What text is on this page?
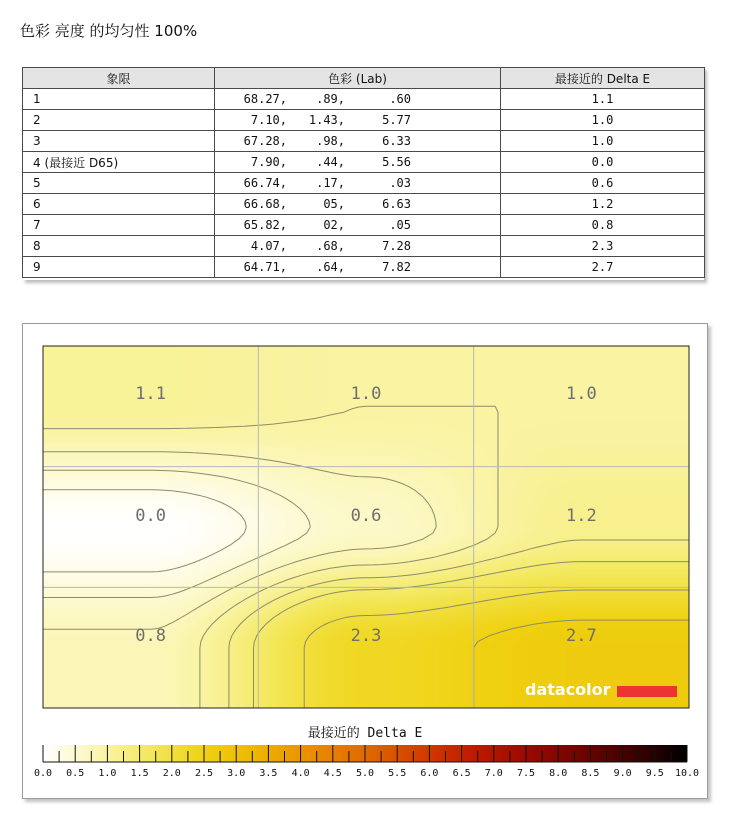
色彩 亮度 的均匀性 100%
象限	色彩 (Lab)	最接近的 Delta E
1	68.27, .89, .60	1.1
2	7.10, 1.43, 5.77	1.0
3	67.28, .98, 6.33	1.0
4 (最接近 D65)	7.90, .44, 5.56	0.0
5	66.74, .17, .03	0.6
6	66.68, 05, 6.63	1.2
7	65.82, 02, .05	0.8
8	4.07, .68, 7.28	2.3
9	64.71, .64, 7.82	2.7
1.1	1.0	1.0
0.0	0.6	1.2
0.8	2.3	2.7
datacolor
0.0 0.5 1.0 1.5 2.0 2.5 3.0 3.5 4.0 4.5 5.0 5.5 6.0 6.5 7.0 7.5 8.0 8.5 9.0 9.5 10.0
最接近的 Delta E
